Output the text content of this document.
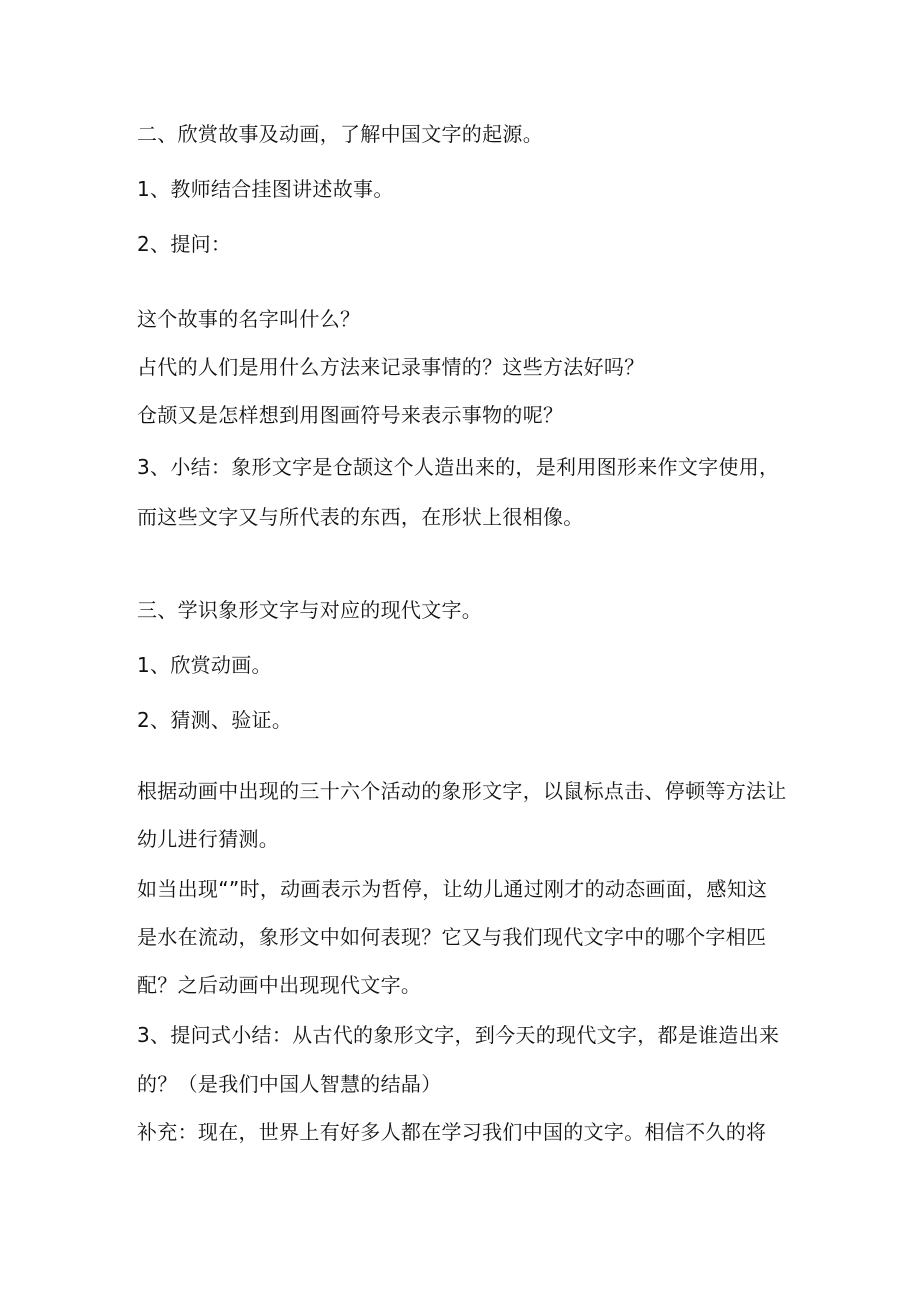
二、欣赏故事及动画，了解中国文字的起源。
1、教师结合挂图讲述故事。
2、提问：
这个故事的名字叫什么？
占代的人们是用什么方法来记录事情的？这些方法好吗？
仓颉又是怎样想到用图画符号来表示事物的呢？
3、小结：象形文字是仓颉这个人造出来的，是利用图形来作文字使用，
而这些文字又与所代表的东西，在形状上很相像。
三、学识象形文字与对应的现代文字。
1、欣赏动画。
2、猜测、验证。
根据动画中出现的三十六个活动的象形文字，以鼠标点击、停顿等方法让
幼儿进行猜测。
如当出现“”时，动画表示为哲停，让幼儿通过刚才的动态画面，感知这
是水在流动，象形文中如何表现？它又与我们现代文字中的哪个字相匹
配？之后动画中出现现代文字。
3、提问式小结：从古代的象形文字，到今天的现代文字，都是谁造出来
的？（是我们中国人智慧的结晶）
补充：现在，世界上有好多人都在学习我们中国的文字。相信不久的将
